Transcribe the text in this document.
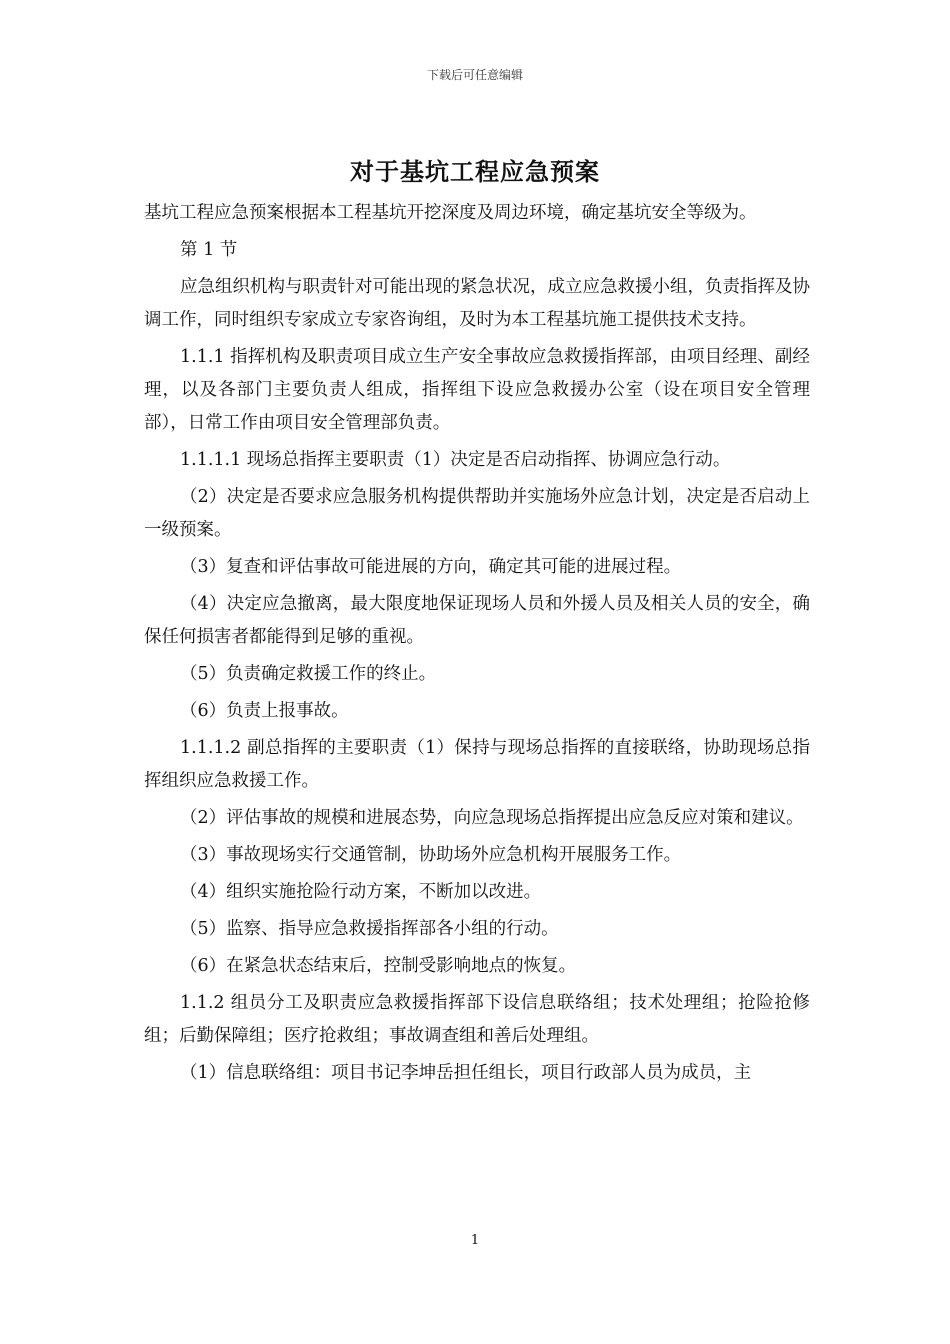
下载后可任意编辑
对于基坑工程应急预案

基坑工程应急预案根据本工程基坑开挖深度及周边环境，确定基坑安全等级为。

第 1 节

应急组织机构与职责针对可能出现的紧急状况，成立应急救援小组，负责指挥及协调工作，同时组织专家成立专家咨询组，及时为本工程基坑施工提供技术支持。

1.1.1 指挥机构及职责项目成立生产安全事故应急救援指挥部，由项目经理、副经理，以及各部门主要负责人组成，指挥组下设应急救援办公室（设在项目安全管理部），日常工作由项目安全管理部负责。

1.1.1.1 现场总指挥主要职责（1）决定是否启动指挥、协调应急行动。

（2）决定是否要求应急服务机构提供帮助并实施场外应急计划，决定是否启动上一级预案。

（3）复查和评估事故可能进展的方向，确定其可能的进展过程。

（4）决定应急撤离，最大限度地保证现场人员和外援人员及相关人员的安全，确保任何损害者都能得到足够的重视。

（5）负责确定救援工作的终止。

（6）负责上报事故。

1.1.1.2 副总指挥的主要职责（1）保持与现场总指挥的直接联络，协助现场总指挥组织应急救援工作。

（2）评估事故的规模和进展态势，向应急现场总指挥提出应急反应对策和建议。

（3）事故现场实行交通管制，协助场外应急机构开展服务工作。

（4）组织实施抢险行动方案，不断加以改进。

（5）监察、指导应急救援指挥部各小组的行动。

（6）在紧急状态结束后，控制受影响地点的恢复。

1.1.2 组员分工及职责应急救援指挥部下设信息联络组；技术处理组；抢险抢修组；后勤保障组；医疗抢救组；事故调查组和善后处理组。

（1）信息联络组：项目书记李坤岳担任组长，项目行政部人员为成员，主

1
